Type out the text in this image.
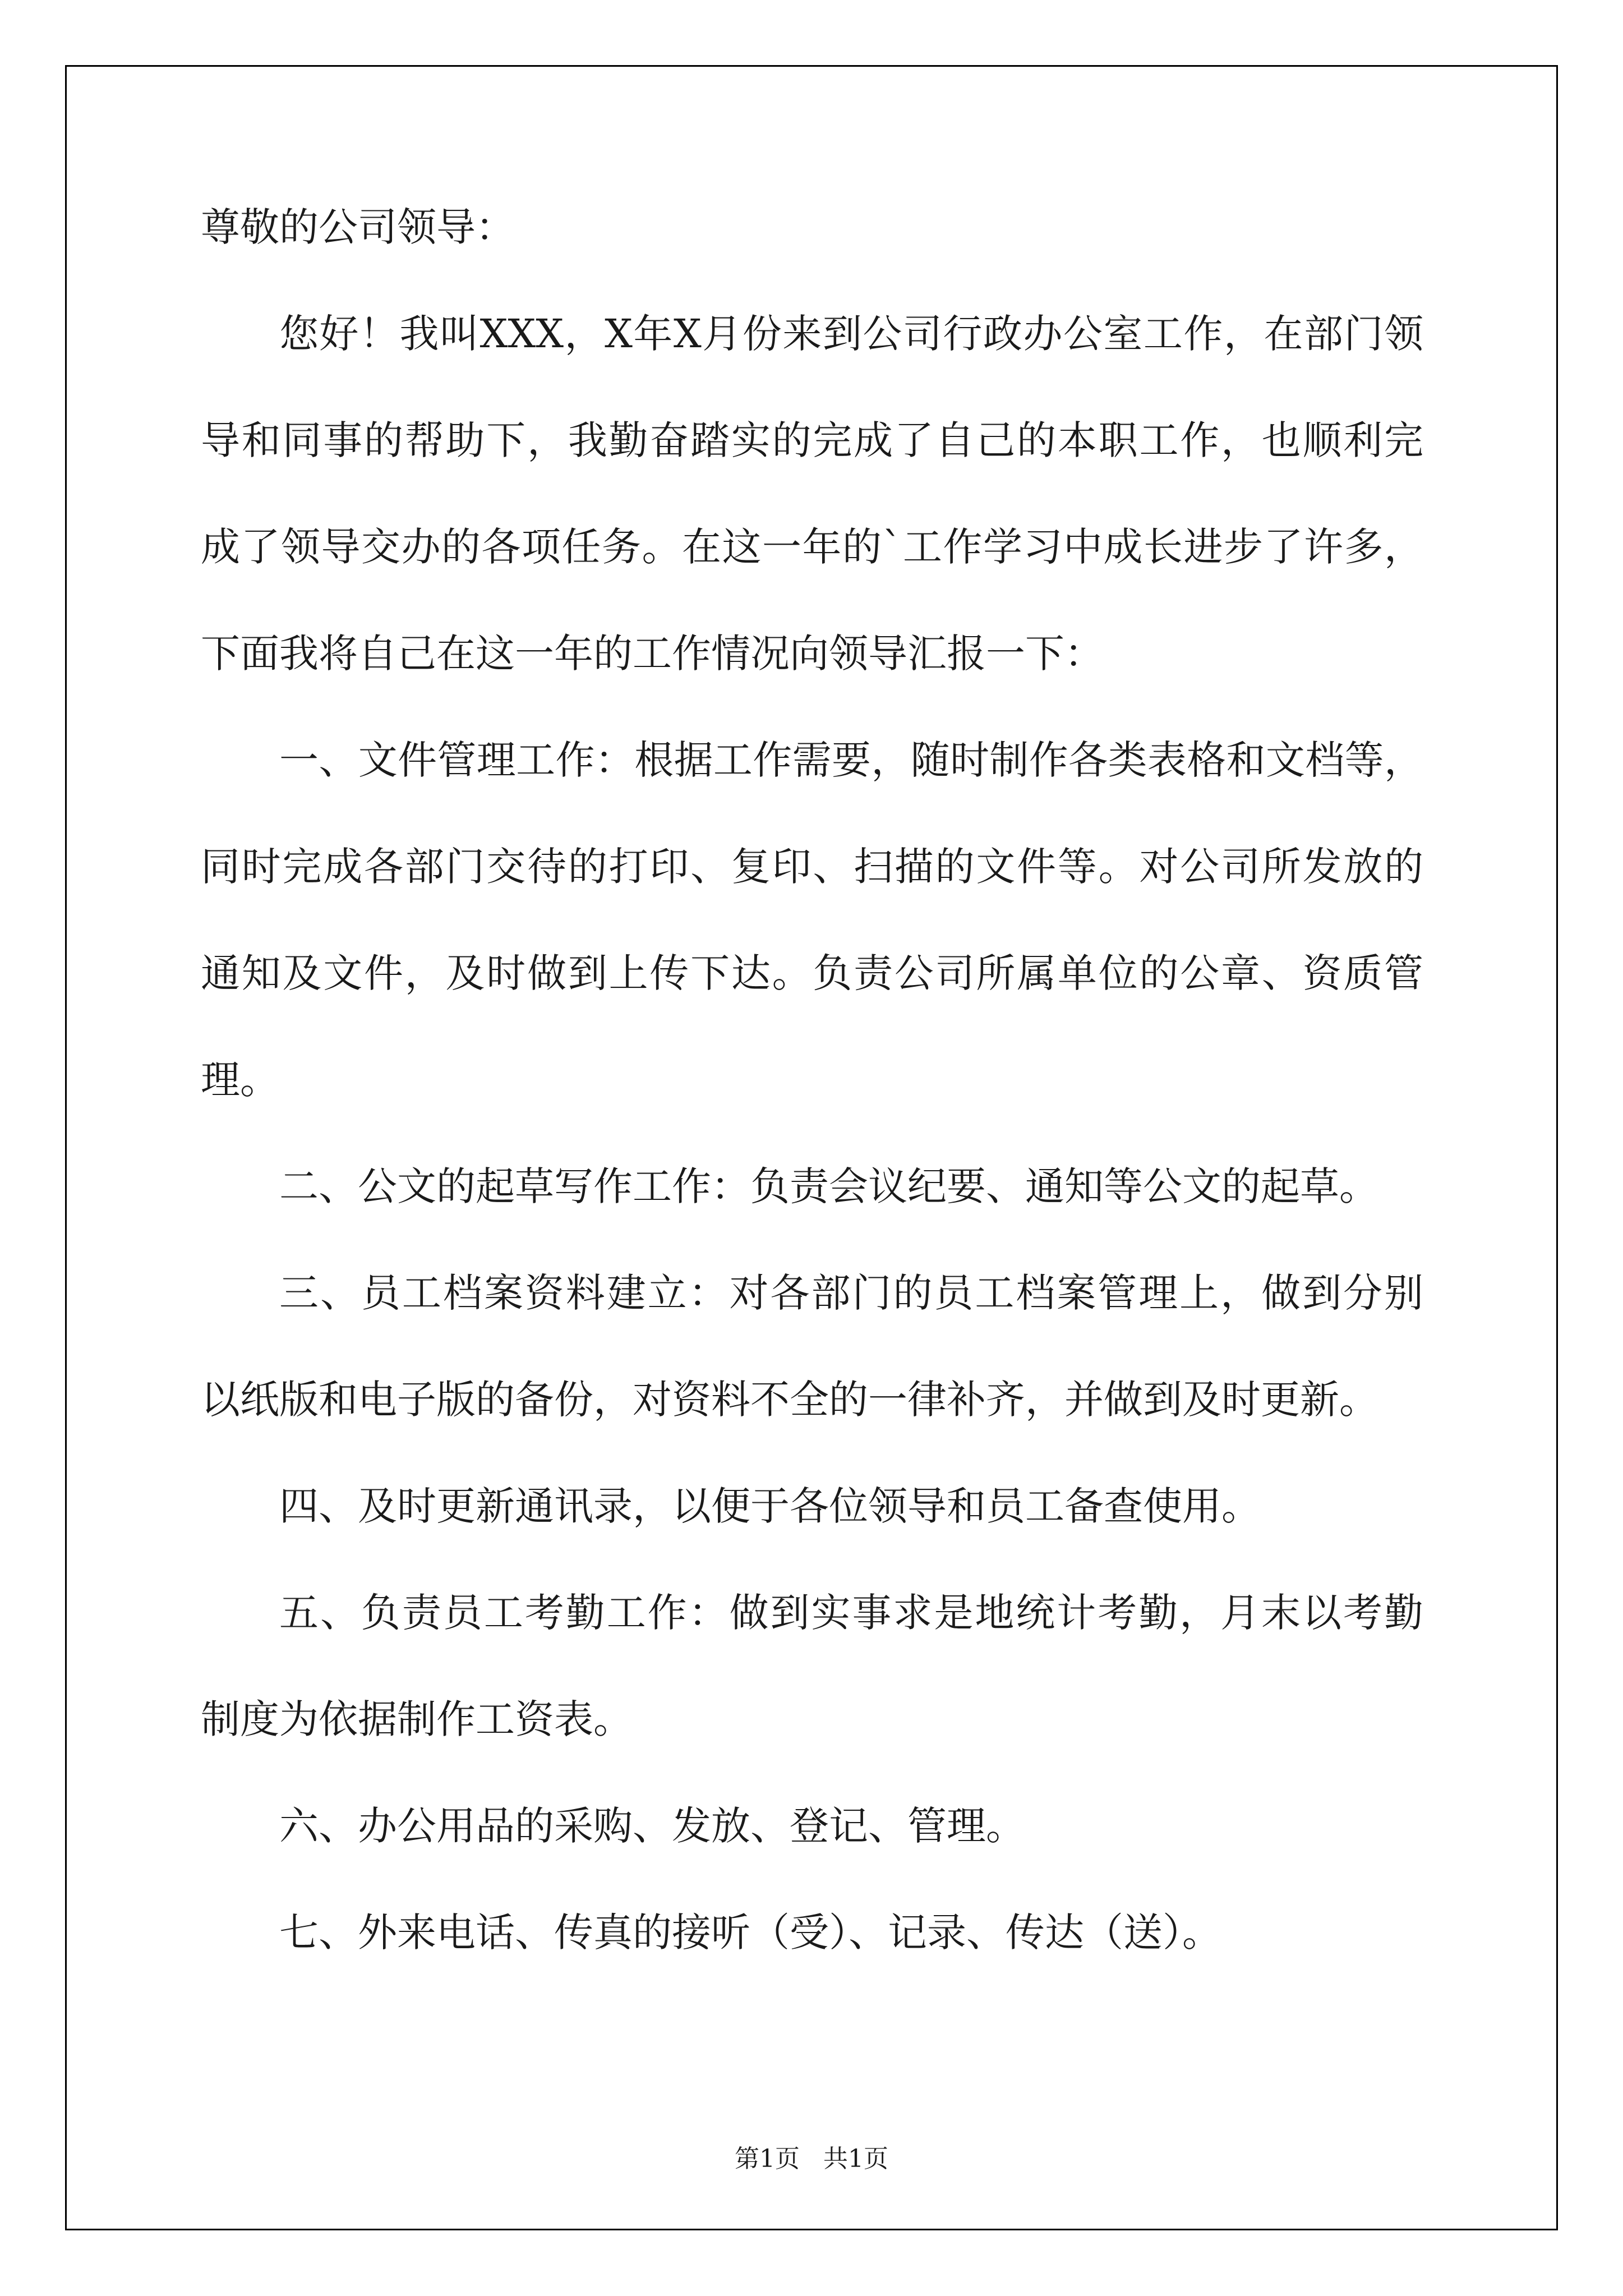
尊敬的公司领导：
您好！我叫XXX，X年X月份来到公司行政办公室工作，在部门领
导和同事的帮助下，我勤奋踏实的完成了自己的本职工作，也顺利完
成了领导交办的各项任务。在这一年的`工作学习中成长进步了许多，
下面我将自己在这一年的工作情况向领导汇报一下：
一、文件管理工作：根据工作需要，随时制作各类表格和文档等，
同时完成各部门交待的打印、复印、扫描的文件等。对公司所发放的
通知及文件，及时做到上传下达。负责公司所属单位的公章、资质管
理。
二、公文的起草写作工作：负责会议纪要、通知等公文的起草。
三、员工档案资料建立：对各部门的员工档案管理上，做到分别
以纸版和电子版的备份，对资料不全的一律补齐，并做到及时更新。
四、及时更新通讯录，以便于各位领导和员工备查使用。
五、负责员工考勤工作：做到实事求是地统计考勤，月末以考勤
制度为依据制作工资表。
六、办公用品的采购、发放、登记、管理。
七、外来电话、传真的接听（受）、记录、传达（送）。
第1页   共1页
